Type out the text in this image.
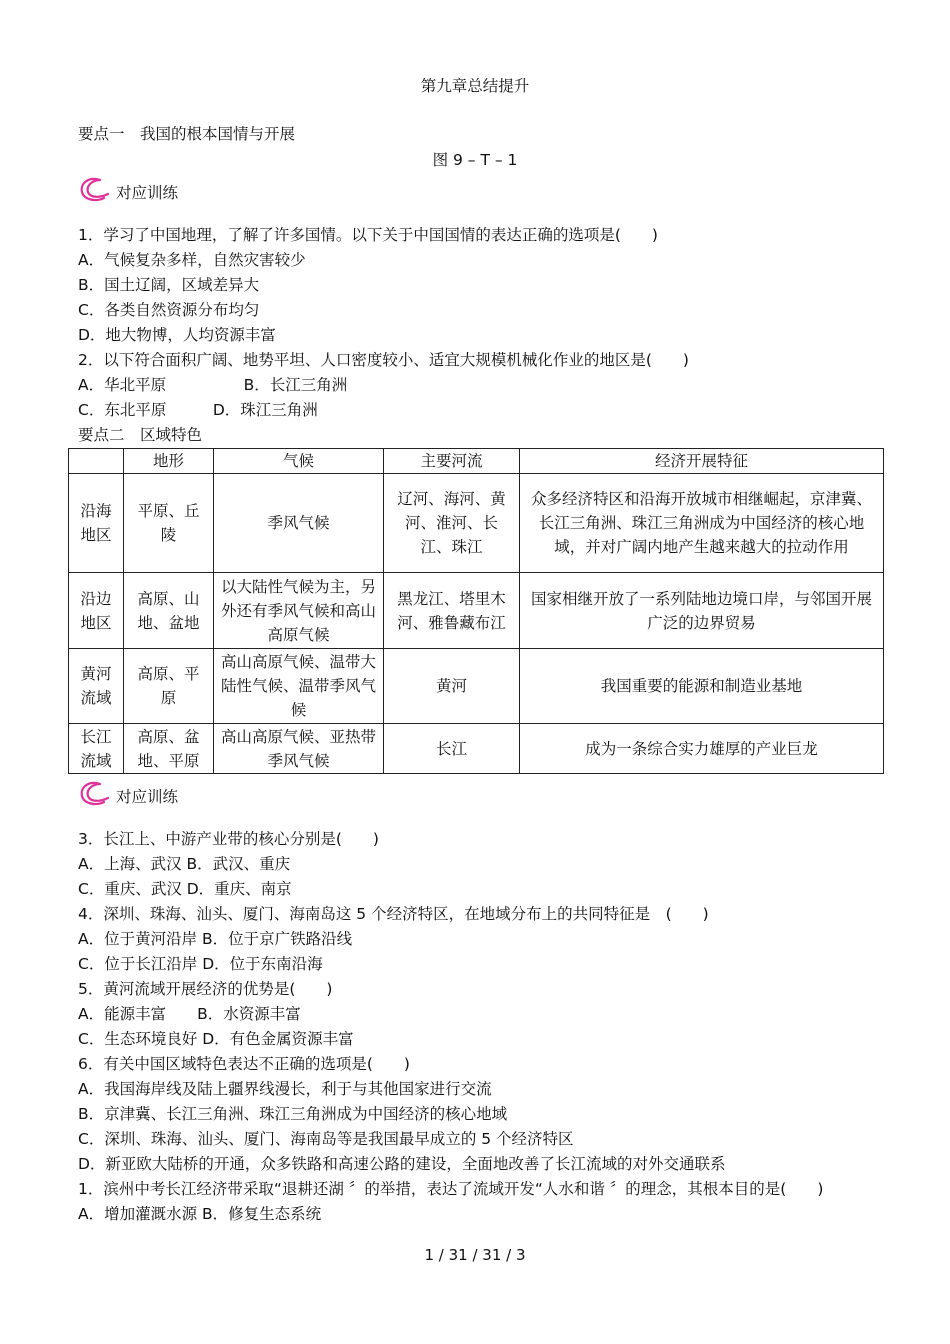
第九章总结提升
要点一　我国的根本国情与开展
图 9 – T – 1
对应训练
1．学习了中国地理，了解了许多国情。以下关于中国国情的表达正确的选项是(　　)
A．气候复杂多样，自然灾害较少
B．国土辽阔，区域差异大
C．各类自然资源分布均匀
D．地大物博，人均资源丰富
2．以下符合面积广阔、地势平坦、人口密度较小、适宜大规模机械化作业的地区是(　　)
A．华北平原　　　　　B．长江三角洲
C．东北平原　　　D．珠江三角洲
要点二　区域特色
	地形	气候	主要河流	经济开展特征
沿海地区	平原、丘陵	季风气候	辽河、海河、黄河、淮河、长江、珠江	众多经济特区和沿海开放城市相继崛起，京津冀、长江三角洲、珠江三角洲成为中国经济的核心地域，并对广阔内地产生越来越大的拉动作用
沿边地区	高原、山地、盆地	以大陆性气候为主，另外还有季风气候和高山高原气候	黑龙江、塔里木河、雅鲁藏布江	国家相继开放了一系列陆地边境口岸，与邻国开展广泛的边界贸易
黄河流域	高原、平原	高山高原气候、温带大陆性气候、温带季风气候	黄河	我国重要的能源和制造业基地
长江流域	高原、盆地、平原	高山高原气候、亚热带季风气候	长江	成为一条综合实力雄厚的产业巨龙
对应训练
3．长江上、中游产业带的核心分别是(　　)
A．上海、武汉 B．武汉、重庆
C．重庆、武汉 D．重庆、南京
4．深圳、珠海、汕头、厦门、海南岛这 5 个经济特区，在地域分布上的共同特征是　(　　)
A．位于黄河沿岸 B．位于京广铁路沿线
C．位于长江沿岸 D．位于东南沿海
5．黄河流域开展经济的优势是(　　)
A．能源丰富　　B．水资源丰富
C．生态环境良好 D．有色金属资源丰富
6．有关中国区域特色表达不正确的选项是(　　)
A．我国海岸线及陆上疆界线漫长，利于与其他国家进行交流
B．京津冀、长江三角洲、珠江三角洲成为中国经济的核心地域
C．深圳、珠海、汕头、厦门、海南岛等是我国最早成立的 5 个经济特区
D．新亚欧大陆桥的开通，众多铁路和高速公路的建设，全面地改善了长江流域的对外交通联系
1．滨州中考长江经济带采取“退耕还湖 〞的举措，表达了流域开发“人水和谐 〞的理念，其根本目的是(　　)
A．增加灌溉水源 B．修复生态系统
1 / 31 / 31 / 3
